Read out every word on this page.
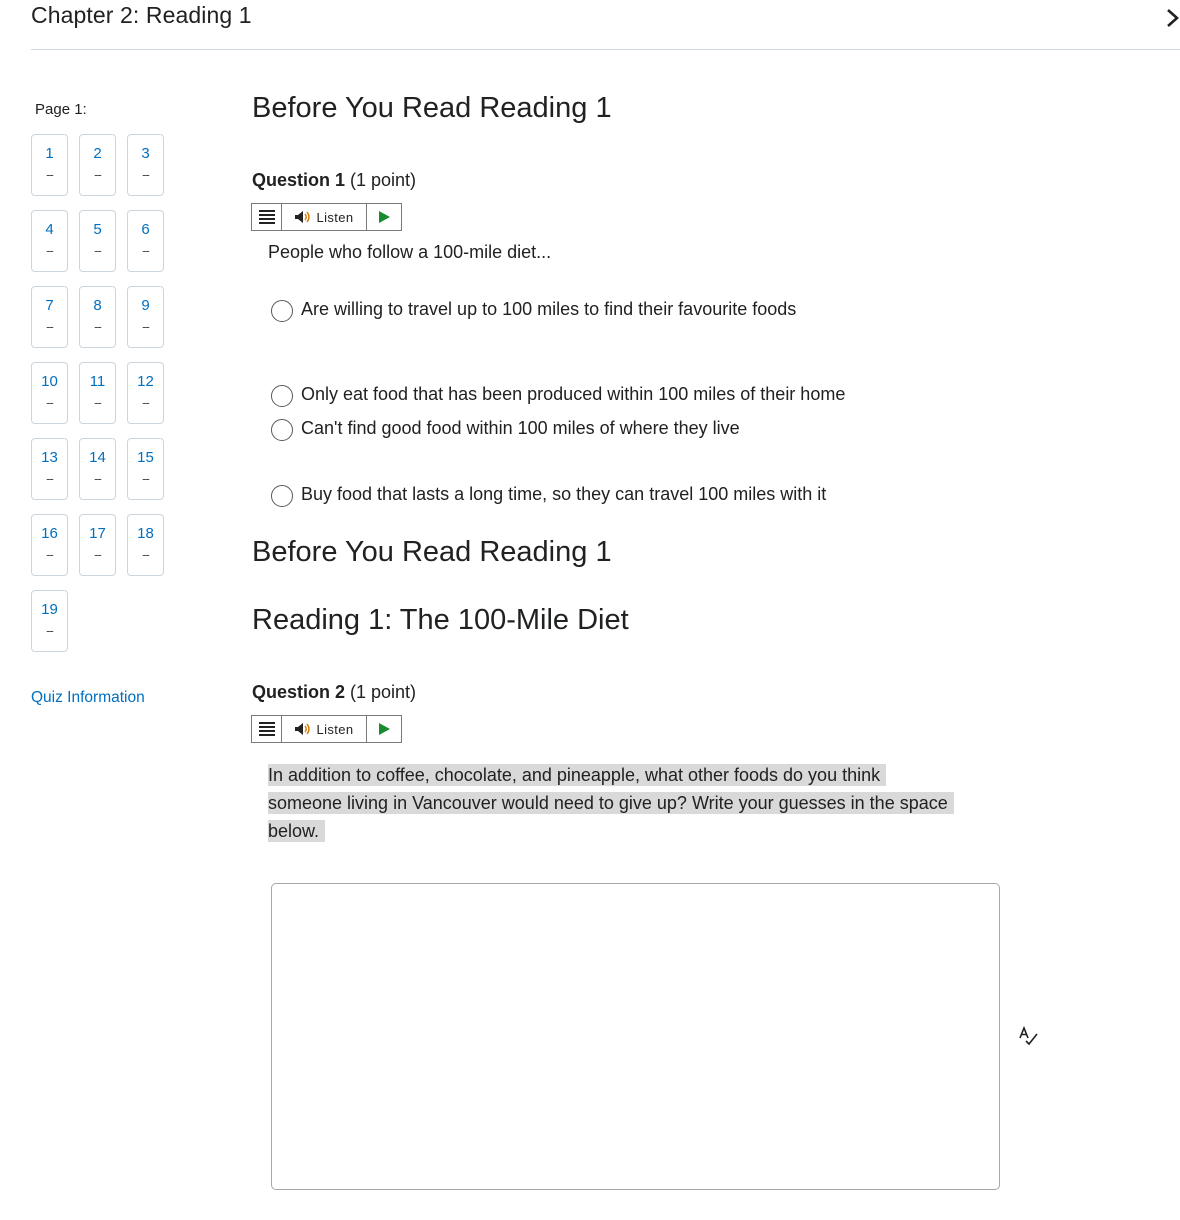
Chapter 2: Reading 1
Page 1:
1
--
2
--
3
--
4
--
5
--
6
--
7
--
8
--
9
--
10
--
11
--
12
--
13
--
14
--
15
--
16
--
17
--
18
--
19
--
Quiz Information
Before You Read Reading 1
Question 1 (1 point)
Listen
People who follow a 100-mile diet...
Are willing to travel up to 100 miles to find their favourite foods
Only eat food that has been produced within 100 miles of their home
Can't find good food within 100 miles of where they live
Buy food that lasts a long time, so they can travel 100 miles with it
Before You Read Reading 1
Reading 1: The 100-Mile Diet
Question 2 (1 point)
Listen
In addition to coffee, chocolate, and pineapple, what other foods do you think someone living in Vancouver would need to give up? Write your guesses in the space below.
